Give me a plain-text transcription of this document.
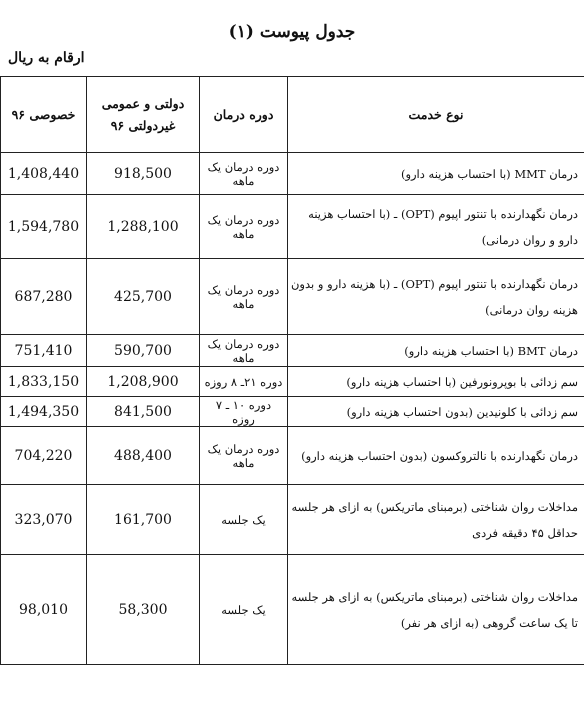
جدول پیوست (۱)
ارقام به ریال
خصوصی ۹۶	دولتی و عمومی غیردولتی ۹۶	دوره درمان	نوع خدمت
1,408,440	918,500	دوره درمان یک ماهه	درمان MMT (با احتساب هزینه دارو)
1,594,780	1,288,100	دوره درمان یک ماهه	درمان نگهدارنده با تنتور اپیوم (OPT) ـ (با احتساب هزینه دارو و روان درمانی)
687,280	425,700	دوره درمان یک ماهه	درمان نگهدارنده با تنتور اپیوم (OPT) ـ (با هزینه دارو و بدون هزینه روان درمانی)
751,410	590,700	دوره درمان یک ماهه	درمان BMT (با احتساب هزینه دارو)
1,833,150	1,208,900	دوره ۲۱ـ ۸ روزه	سم زدائی با بوپرونورفین (با احتساب هزینه دارو)
1,494,350	841,500	دوره ۱۰ ـ ۷ روزه	سم زدائی با کلونیدین (بدون احتساب هزینه دارو)
704,220	488,400	دوره درمان یک ماهه	درمان نگهدارنده با نالتروکسون (بدون احتساب هزینه دارو)
323,070	161,700	یک جلسه	مداخلات روان شناختی (برمبنای ماتریکس) به ازای هر جلسه حداقل ۴۵ دقیقه فردی
98,010	58,300	یک جلسه	مداخلات روان شناختی (برمبنای ماتریکس) به ازای هر جلسه تا یک ساعت گروهی (به ازای هر نفر)
